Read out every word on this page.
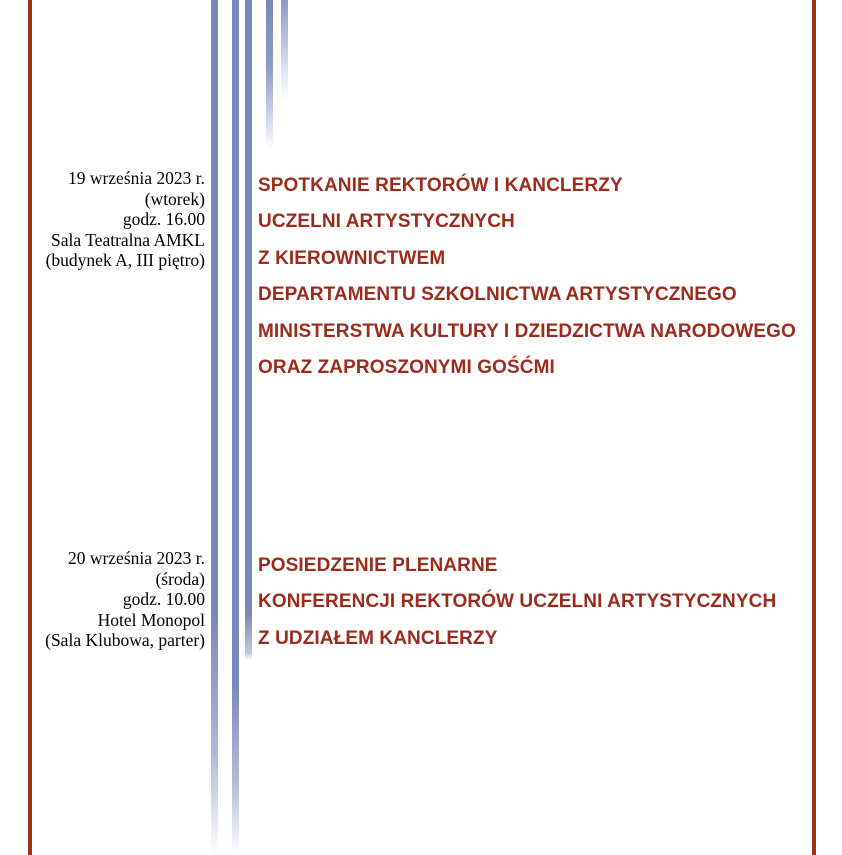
19 września 2023 r.
(wtorek)
godz. 16.00
Sala Teatralna AMKL
(budynek A, III piętro)
SPOTKANIE REKTORÓW I KANCLERZY
UCZELNI ARTYSTYCZNYCH
Z KIEROWNICTWEM
DEPARTAMENTU SZKOLNICTWA ARTYSTYCZNEGO
MINISTERSTWA KULTURY I DZIEDZICTWA NARODOWEGO
ORAZ ZAPROSZONYMI GOŚĆMI
20 września 2023 r.
(środa)
godz. 10.00
Hotel Monopol
(Sala Klubowa, parter)
POSIEDZENIE PLENARNE
KONFERENCJI REKTORÓW UCZELNI ARTYSTYCZNYCH
Z UDZIAŁEM KANCLERZY
